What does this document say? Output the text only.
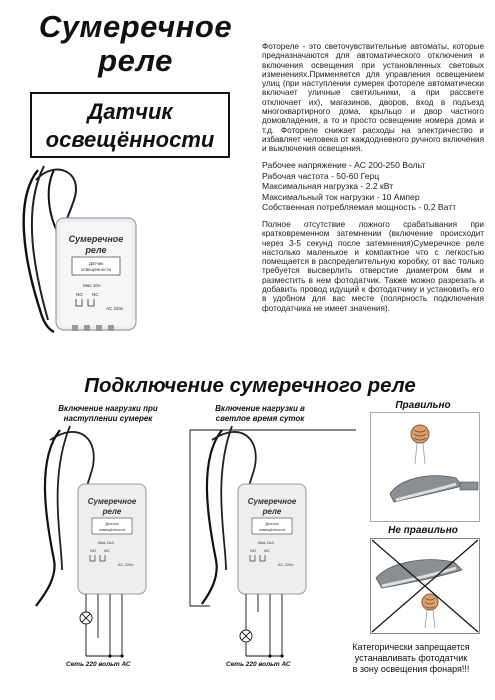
Сумеречное
реле
Датчик
освещённости
Сумеречное
реле
Датчик
освещённости
Max 10A
NO NC
AC 220v
Фотореле - это светочувствительные автоматы, которые предназначаются для автоматического отключения и включения освещения при установленных световых изменениях.Применяется для управления освещением улиц (при наступлении сумерек фотореле автоматически включает уличные светильники, а при рассвете отключает их), магазинов, дворов, вход в подъезд многоквартирного дома, крыльцо и двор частного домовладения, а то и просто освещение номера дома и т.д. Фотореле снижает расходы на электричество и избавляет человека от каждодневного ручного включения и выключения освещения.
Рабочее напряжение - АС 200-250 Вольт
Рабочая частота - 50-60 Герц
Максимальная нагрузка - 2.2 кВт
Максимальный ток нагрузки - 10 Ампер
Собственная потребляемая мощность - 0.2 Ватт
Полное отсутствие ложного срабатывания при кратковременном затемнении (включение происходит через 3-5 секунд после затемнения)Сумеречное реле настолько маленькое и компактное что с легкостью помещается в распределительную коробку, от вас только требуется высверлить отверстие диаметром 6мм и разместить в нем фотодатчик. Также можно разрезать и добавить провод идущий к фотодатчику и установить его в удобном для вас месте (полярность подключения фотодатчика не имеет значения).
Подключение сумеречного реле
Включение нагрузки при
наступлении сумерек
Включение нагрузки в
светлое время суток
Сумеречное
реле
Датчик
освещённости
Max 10A
NO NC
AC 220v
Сумеречное
реле
Датчик
освещённости
Max 10A
NO NC
AC 220v
Сеть 220 вольт АС	Сеть 220 вольт АС
Правильно
Не правильно
Категорически запрещается
устанавливать фотодатчик
в зону освещения фонаря!!!
